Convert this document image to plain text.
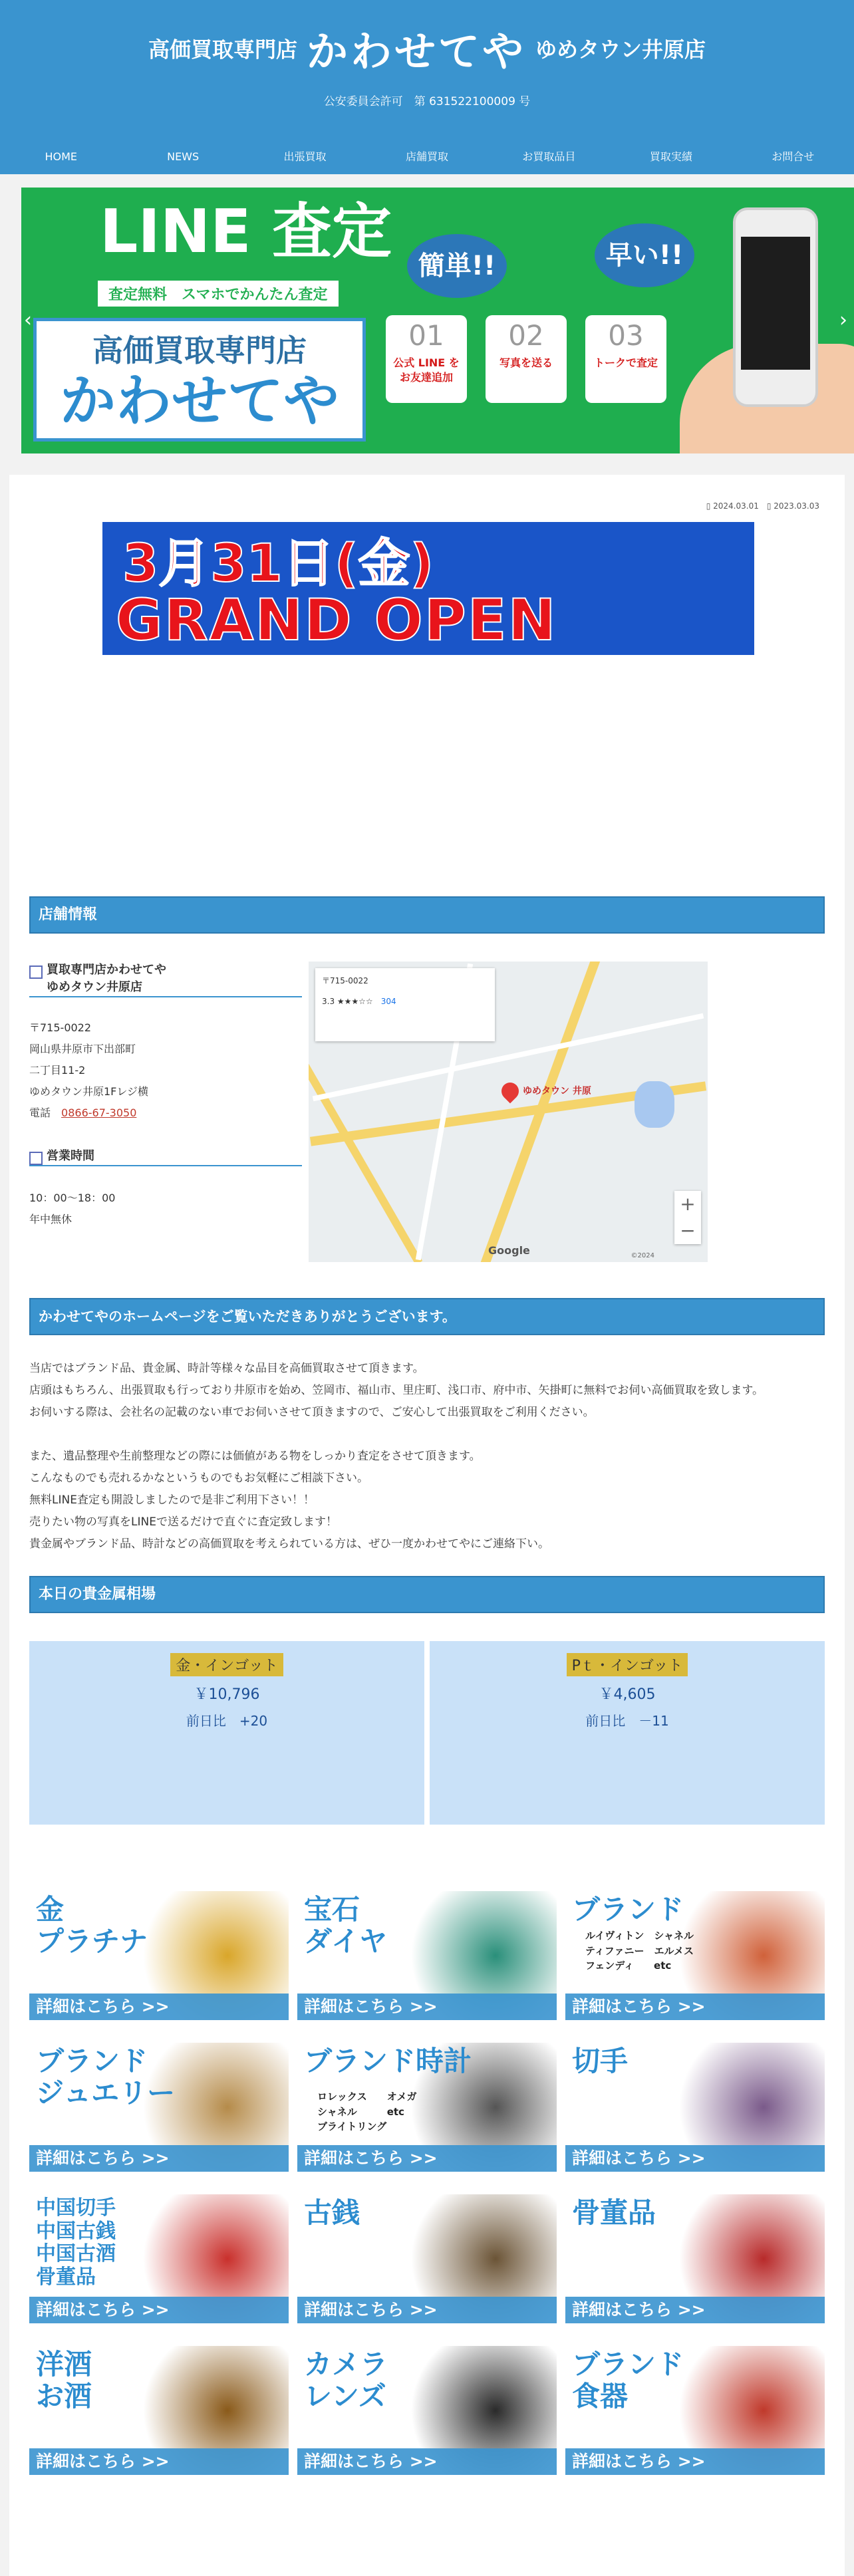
高価買取専門店 かわせてや ゆめタウン井原店
公安委員会許可　第 631522100009 号
HOME	NEWS	出張買取	店舗買取	お買取品目	買取実績	お問合せ
‹	›
LINE 査定
査定無料　スマホでかんたん査定
高価買取専門店
かわせてや
簡単!!	早い!!
01
公式 LINE を
お友達追加
02
写真を送る
03
トークで査定
▯ 2024.03.01　▯ 2023.03.03
3月31日(金)
GRAND OPEN
店舗情報
買取専門店かわせてや
ゆめタウン井原店
〒715-0022
岡山県井原市下出部町
二丁目11-2
ゆめタウン井原1Fレジ横
電話　 0866-67-3050
営業時間
10：00〜18：00
年中無休
〒715-0022
3.3 ★★★☆☆　 304
ゆめタウン 井原
+
−
Google	©2024
かわせてやのホームページをご覧いただきありがとうございます。
当店ではブランド品、貴金属、時計等様々な品目を高価買取させて頂きます。
店頭はもちろん、出張買取も行っており井原市を始め、笠岡市、福山市、里庄町、浅口市、府中市、矢掛町に無料でお伺い高価買取を致します。
お伺いする際は、会社名の記載のない車でお伺いさせて頂きますので、ご安心して出張買取をご利用ください。
また、遺品整理や生前整理などの際には価値がある物をしっかり査定をさせて頂きます。
こんなものでも売れるかなというものでもお気軽にご相談下さい。
無料LINE査定も開設しましたので是非ご利用下さい！！
売りたい物の写真をLINEで送るだけで直ぐに査定致します！
貴金属やブランド品、時計などの高価買取を考えられている方は、ぜひ一度かわせてやにご連絡下い。
本日の貴金属相場
金・インゴット
￥10,796
前日比　+20
Pｔ・インゴット
￥4,605
前日比　－11
金
プラチナ
詳細はこちら >>
宝石
ダイヤ
詳細はこちら >>
ブランド
ルイヴィトン　シャネル
ティファニー　エルメス
フェンディ　　etc
詳細はこちら >>
ブランド
ジュエリー
詳細はこちら >>
ブランド時計
ロレックス　　オメガ
シャネル　　　etc
ブライトリング
詳細はこちら >>
切手
詳細はこちら >>
中国切手
中国古銭
中国古酒
骨董品
詳細はこちら >>
古銭
詳細はこちら >>
骨董品
詳細はこちら >>
洋酒
お酒
詳細はこちら >>
カメラ
レンズ
詳細はこちら >>
ブランド
食器
詳細はこちら >>
